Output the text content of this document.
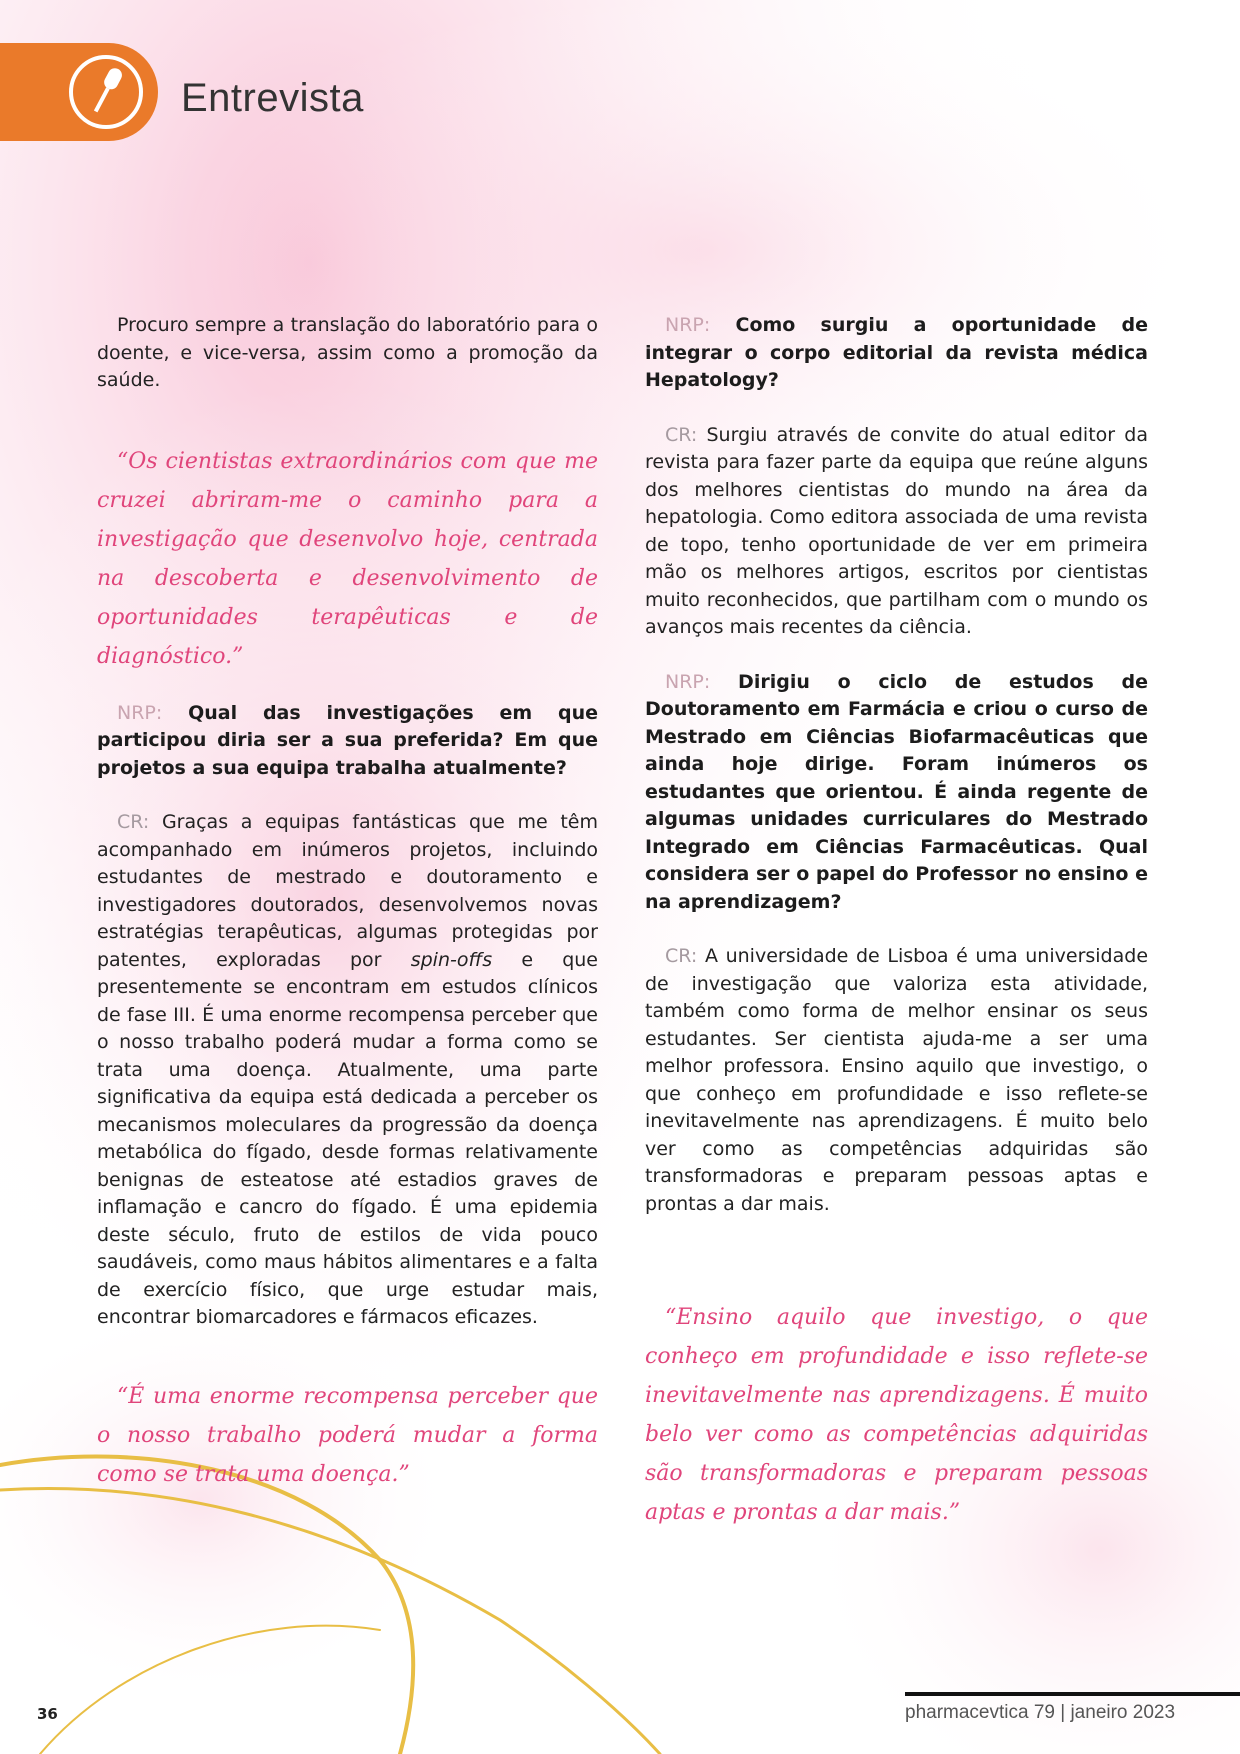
Entrevista

Procuro sempre a translação do laboratório para o doente, e vice-versa, assim como a promoção da saúde.

“Os cientistas extraordinários com que me cruzei abriram-me o caminho para a investigação que desenvolvo hoje, centrada na descoberta e desenvolvimento de oportunidades terapêuticas e de diagnóstico.”

NRP: Qual das investigações em que participou diria ser a sua preferida? Em que projetos a sua equipa trabalha atualmente?

CR: Graças a equipas fantásticas que me têm acompanhado em inúmeros projetos, incluindo estudantes de mestrado e doutoramento e investigadores doutorados, desenvolvemos novas estratégias terapêuticas, algumas protegidas por patentes, exploradas por spin-offs e que presentemente se encontram em estudos clínicos de fase III. É uma enorme recompensa perceber que o nosso trabalho poderá mudar a forma como se trata uma doença. Atualmente, uma parte significativa da equipa está dedicada a perceber os mecanismos moleculares da progressão da doença metabólica do fígado, desde formas relativamente benignas de esteatose até estadios graves de inflamação e cancro do fígado. É uma epidemia deste século, fruto de estilos de vida pouco saudáveis, como maus hábitos alimentares e a falta de exercício físico, que urge estudar mais, encontrar biomarcadores e fármacos eficazes.

“É uma enorme recompensa perceber que o nosso trabalho poderá mudar a forma como se trata uma doença.”

NRP: Como surgiu a oportunidade de integrar o corpo editorial da revista médica Hepatology?

CR: Surgiu através de convite do atual editor da revista para fazer parte da equipa que reúne alguns dos melhores cientistas do mundo na área da hepatologia. Como editora associada de uma revista de topo, tenho oportunidade de ver em primeira mão os melhores artigos, escritos por cientistas muito reconhecidos, que partilham com o mundo os avanços mais recentes da ciência.

NRP: Dirigiu o ciclo de estudos de Doutoramento em Farmácia e criou o curso de Mestrado em Ciências Biofarmacêuticas que ainda hoje dirige. Foram inúmeros os estudantes que orientou. É ainda regente de algumas unidades curriculares do Mestrado Integrado em Ciências Farmacêuticas. Qual considera ser o papel do Professor no ensino e na aprendizagem?

CR: A universidade de Lisboa é uma universidade de investigação que valoriza esta atividade, também como forma de melhor ensinar os seus estudantes. Ser cientista ajuda-me a ser uma melhor professora. Ensino aquilo que investigo, o que conheço em profundidade e isso reflete-se inevitavelmente nas aprendizagens. É muito belo ver como as competências adquiridas são transformadoras e preparam pessoas aptas e prontas a dar mais.

“Ensino aquilo que investigo, o que conheço em profundidade e isso reflete-se inevitavelmente nas aprendizagens. É muito belo ver como as competências adquiridas são transformadoras e preparam pessoas aptas e prontas a dar mais.”

36	pharmacevtica 79 | janeiro 2023
